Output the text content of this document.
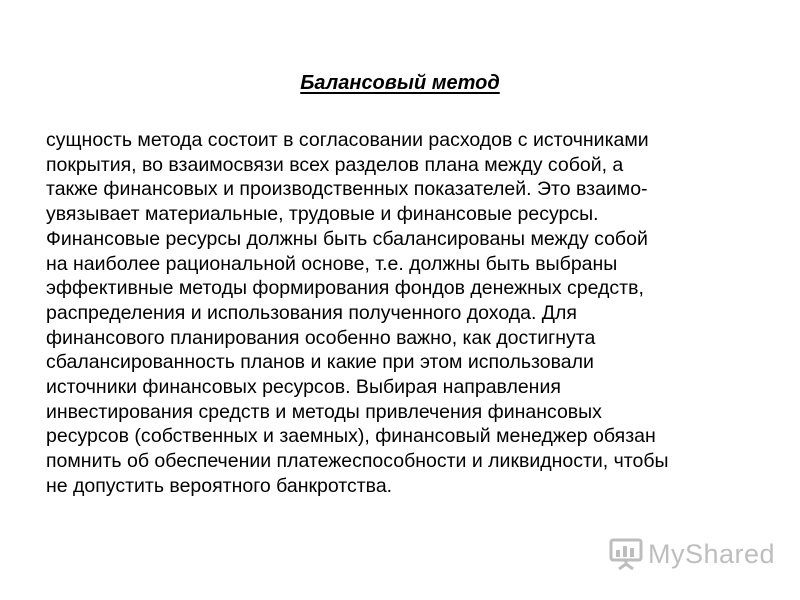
Балансовый метод
сущность метода состоит в согласовании расходов с источниками
покрытия, во взаимосвязи всех разделов плана между собой, а
также финансовых и производственных показателей. Это взаимо-
увязывает материальные, трудовые и финансовые ресурсы.
Финансовые ресурсы должны быть сбалансированы между собой
на наиболее рациональной основе, т.е. должны быть выбраны
эффективные методы формирования фондов денежных средств,
распределения и использования полученного дохода. Для
финансового планирования особенно важно, как достигнута
сбалансированность планов и какие при этом использовали
источники финансовых ресурсов. Выбирая направления
инвестирования средств и методы привлечения финансовых
ресурсов (собственных и заемных), финансовый менеджер обязан
помнить об обеспечении платежеспособности и ликвидности, чтобы
не допустить вероятного банкротства.
MyShared
